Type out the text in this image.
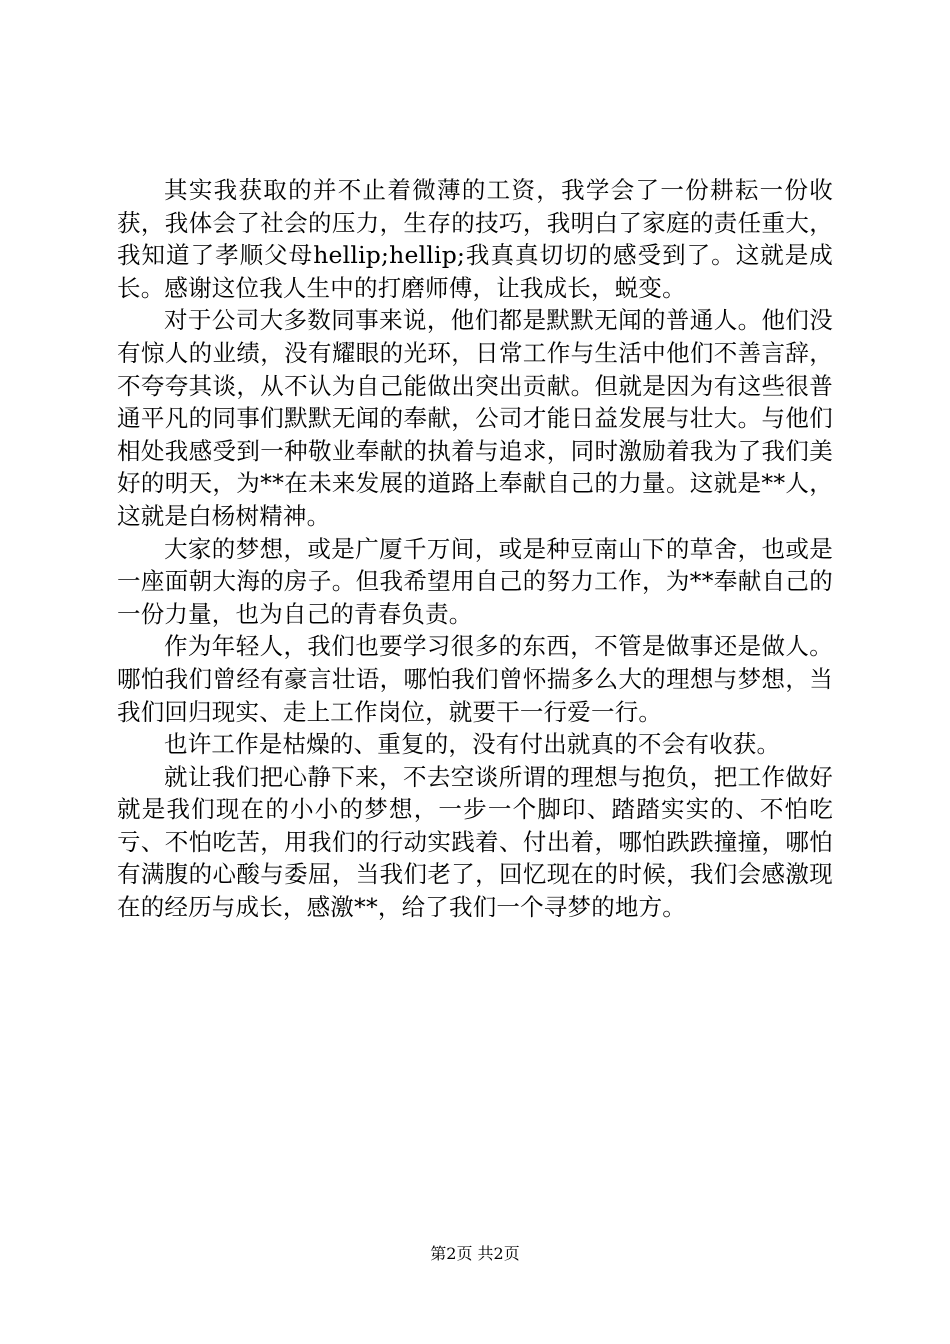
其实我获取的并不止着微薄的工资，我学会了一份耕耘一份收获，我体会了社会的压力，生存的技巧，我明白了家庭的责任重大，我知道了孝顺父母hellip;hellip;我真真切切的感受到了。这就是成长。感谢这位我人生中的打磨师傅，让我成长，蜕变。

对于公司大多数同事来说，他们都是默默无闻的普通人。他们没有惊人的业绩，没有耀眼的光环，日常工作与生活中他们不善言辞，不夸夸其谈，从不认为自己能做出突出贡献。但就是因为有这些很普通平凡的同事们默默无闻的奉献，公司才能日益发展与壮大。与他们相处我感受到一种敬业奉献的执着与追求，同时激励着我为了我们美好的明天，为**在未来发展的道路上奉献自己的力量。这就是**人，这就是白杨树精神。

大家的梦想，或是广厦千万间，或是种豆南山下的草舍，也或是一座面朝大海的房子。但我希望用自己的努力工作，为**奉献自己的一份力量，也为自己的青春负责。

作为年轻人，我们也要学习很多的东西，不管是做事还是做人。哪怕我们曾经有豪言壮语，哪怕我们曾怀揣多么大的理想与梦想，当我们回归现实、走上工作岗位，就要干一行爱一行。

也许工作是枯燥的、重复的，没有付出就真的不会有收获。

就让我们把心静下来，不去空谈所谓的理想与抱负，把工作做好就是我们现在的小小的梦想，一步一个脚印、踏踏实实的、不怕吃亏、不怕吃苦，用我们的行动实践着、付出着，哪怕跌跌撞撞，哪怕有满腹的心酸与委屈，当我们老了，回忆现在的时候，我们会感激现在的经历与成长，感激**，给了我们一个寻梦的地方。

第2页 共2页
